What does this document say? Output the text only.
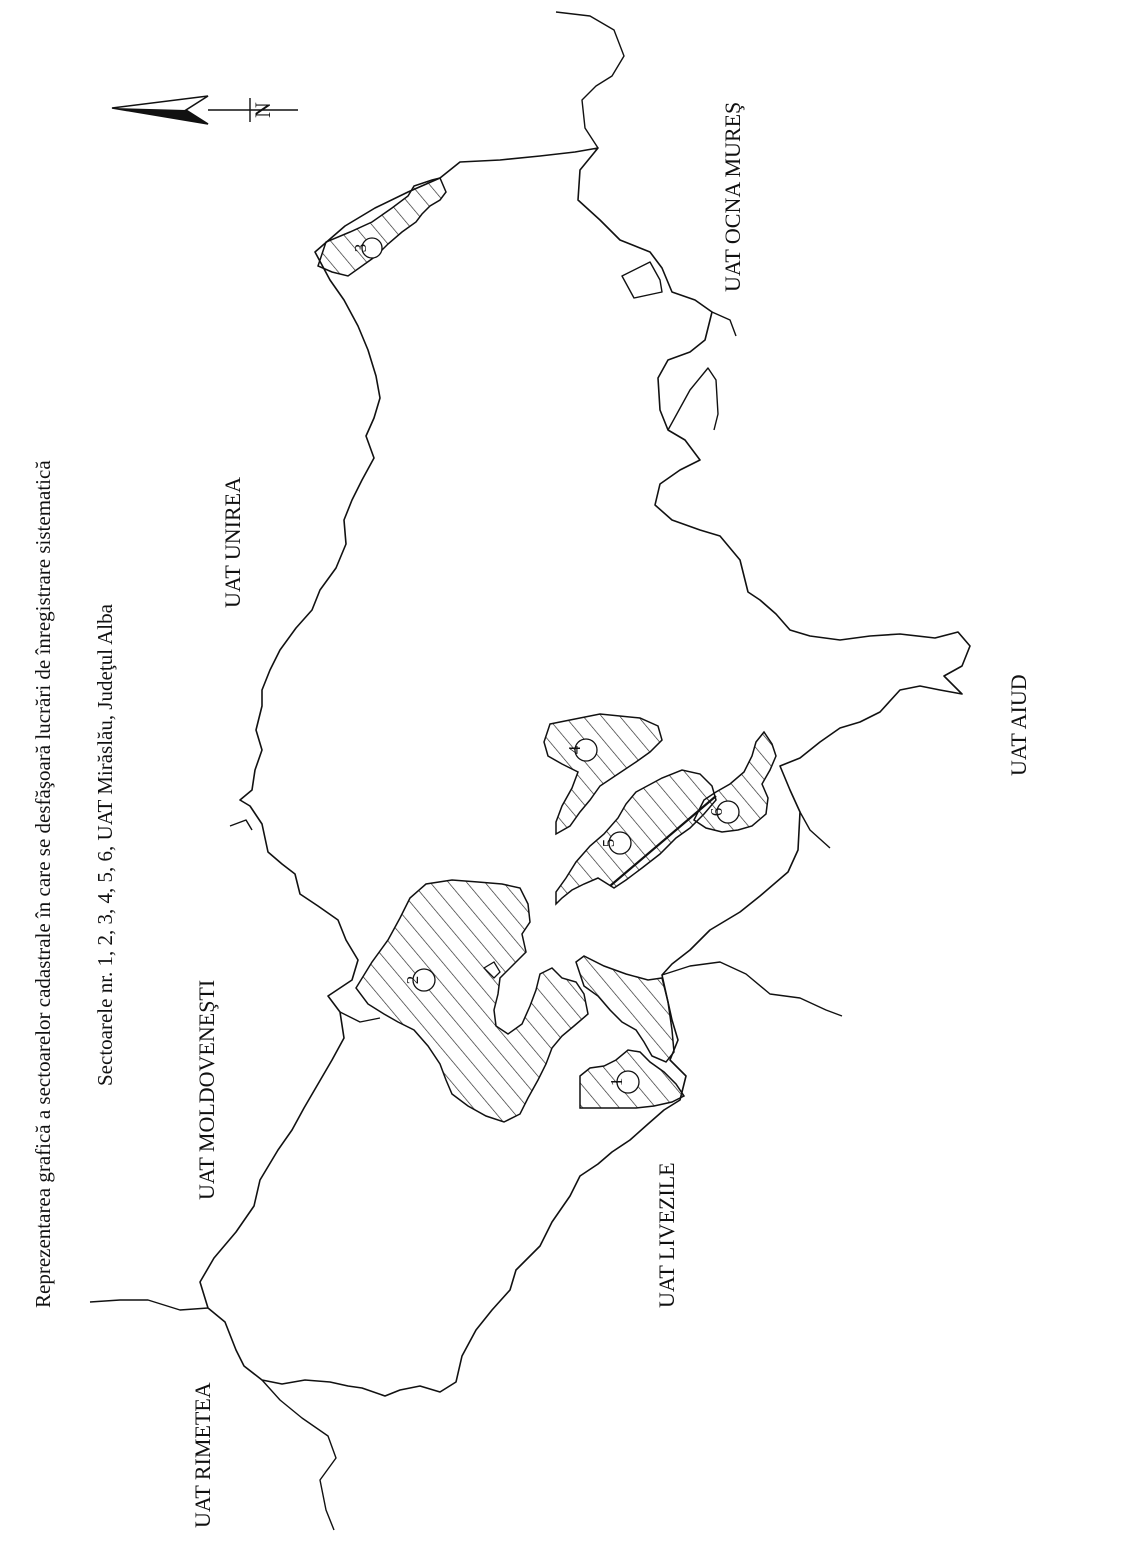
N
Reprezentarea grafică a sectoarelor cadastrale în care se desfăşoară lucrări de înregistrare sistematică Sectoarele nr. 1, 2, 3, 4, 5, 6, UAT Mirăslău, Judeţul Alba
UAT UNIREA
UAT OCNA MUREŞ
UAT AIUD
UAT MOLDOVENEŞTI
UAT LIVEZILE
UAT RIMETEA
3
4
5
6
2
1
